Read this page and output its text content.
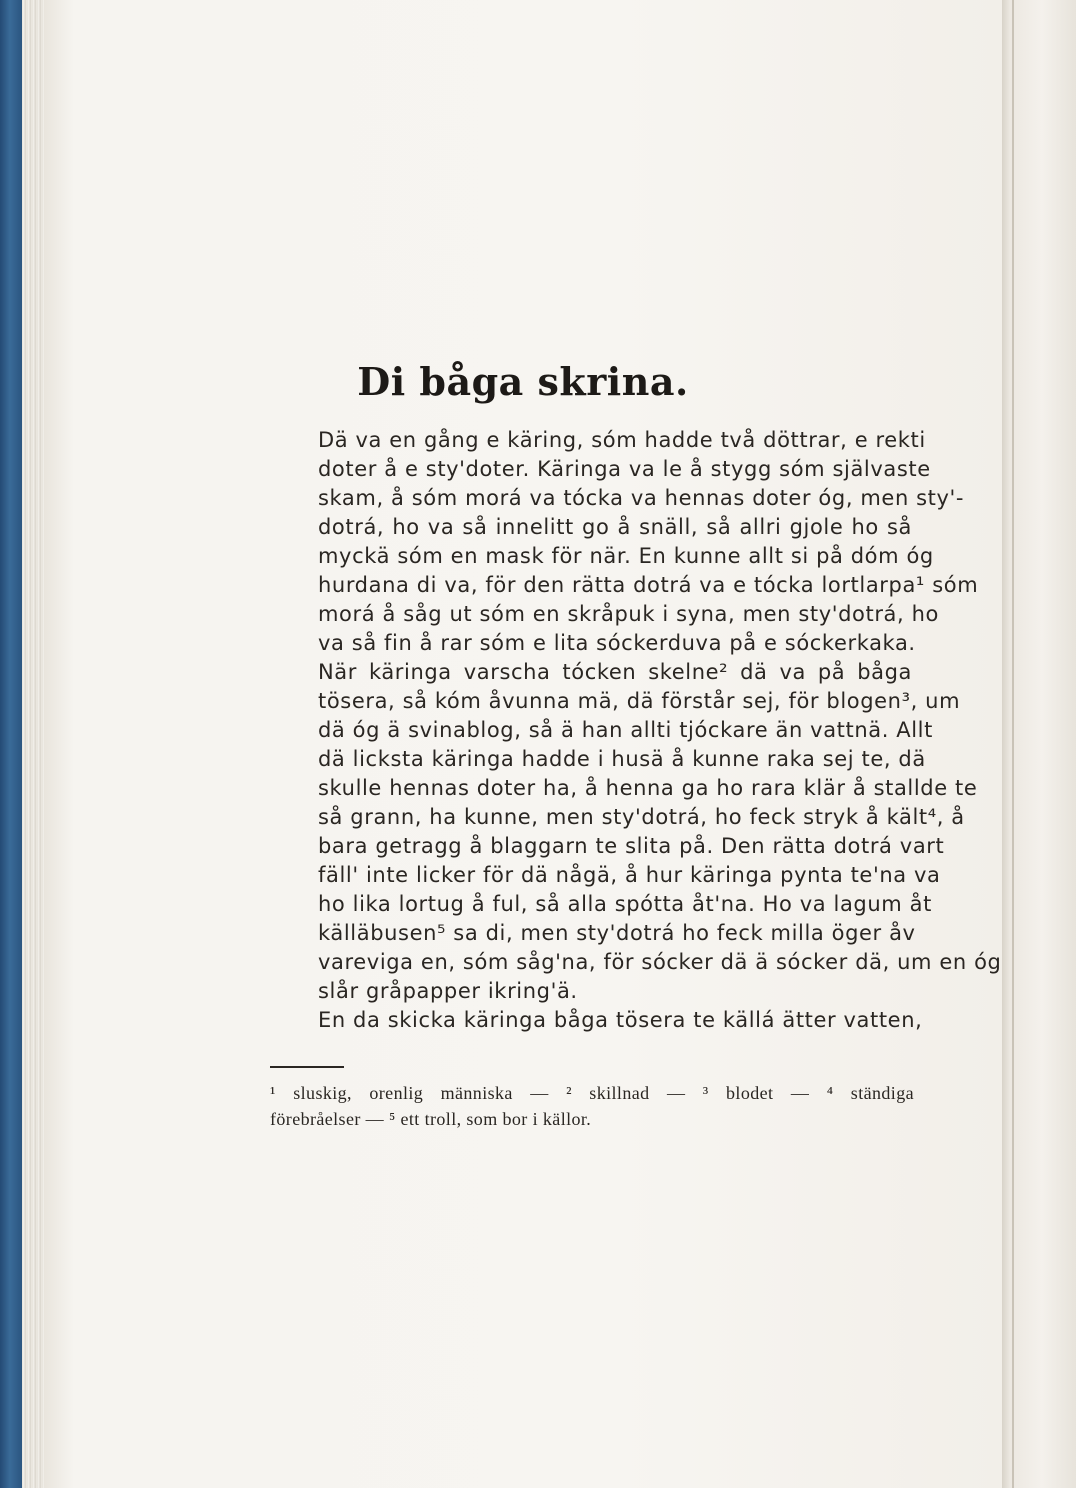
Di båga skrina.

Dä va en gång e käring, sóm hadde två döttrar, e rekti
doter å e sty'doter. Käringa va le å stygg sóm självaste
skam, å sóm morá va tócka va hennas doter óg, men sty'-
dotrá, ho va så innelitt go å snäll, så allri gjole ho så
myckä sóm en mask för när. En kunne allt si på dóm óg
hurdana di va, för den rätta dotrá va e tócka lortlarpa¹ sóm
morá å såg ut sóm en skråpuk i syna, men sty'dotrá, ho
va så fin å rar sóm e lita sóckerduva på e sóckerkaka.

När käringa varscha tócken skelne² dä va på båga
tösera, så kóm åvunna mä, dä förstår sej, för blogen³, um
dä óg ä svinablog, så ä han allti tjóckare än vattnä. Allt
dä licksta käringa hadde i husä å kunne raka sej te, dä
skulle hennas doter ha, å henna ga ho rara klär å stallde te
så grann, ha kunne, men sty'dotrá, ho feck stryk å kält⁴, å
bara getragg å blaggarn te slita på. Den rätta dotrá vart
fäll' inte licker för dä någä, å hur käringa pynta te'na va
ho lika lortug å ful, så alla spótta åt'na. Ho va lagum åt
källäbusen⁵ sa di, men sty'dotrá ho feck milla öger åv
vareviga en, sóm såg'na, för sócker dä ä sócker dä, um en óg
slår gråpapper ikring'ä.

En da skicka käringa båga tösera te källá ätter vatten,

¹ sluskig, orenlig människa — ² skillnad — ³ blodet — ⁴ ständiga
förebråelser — ⁵ ett troll, som bor i källor.
